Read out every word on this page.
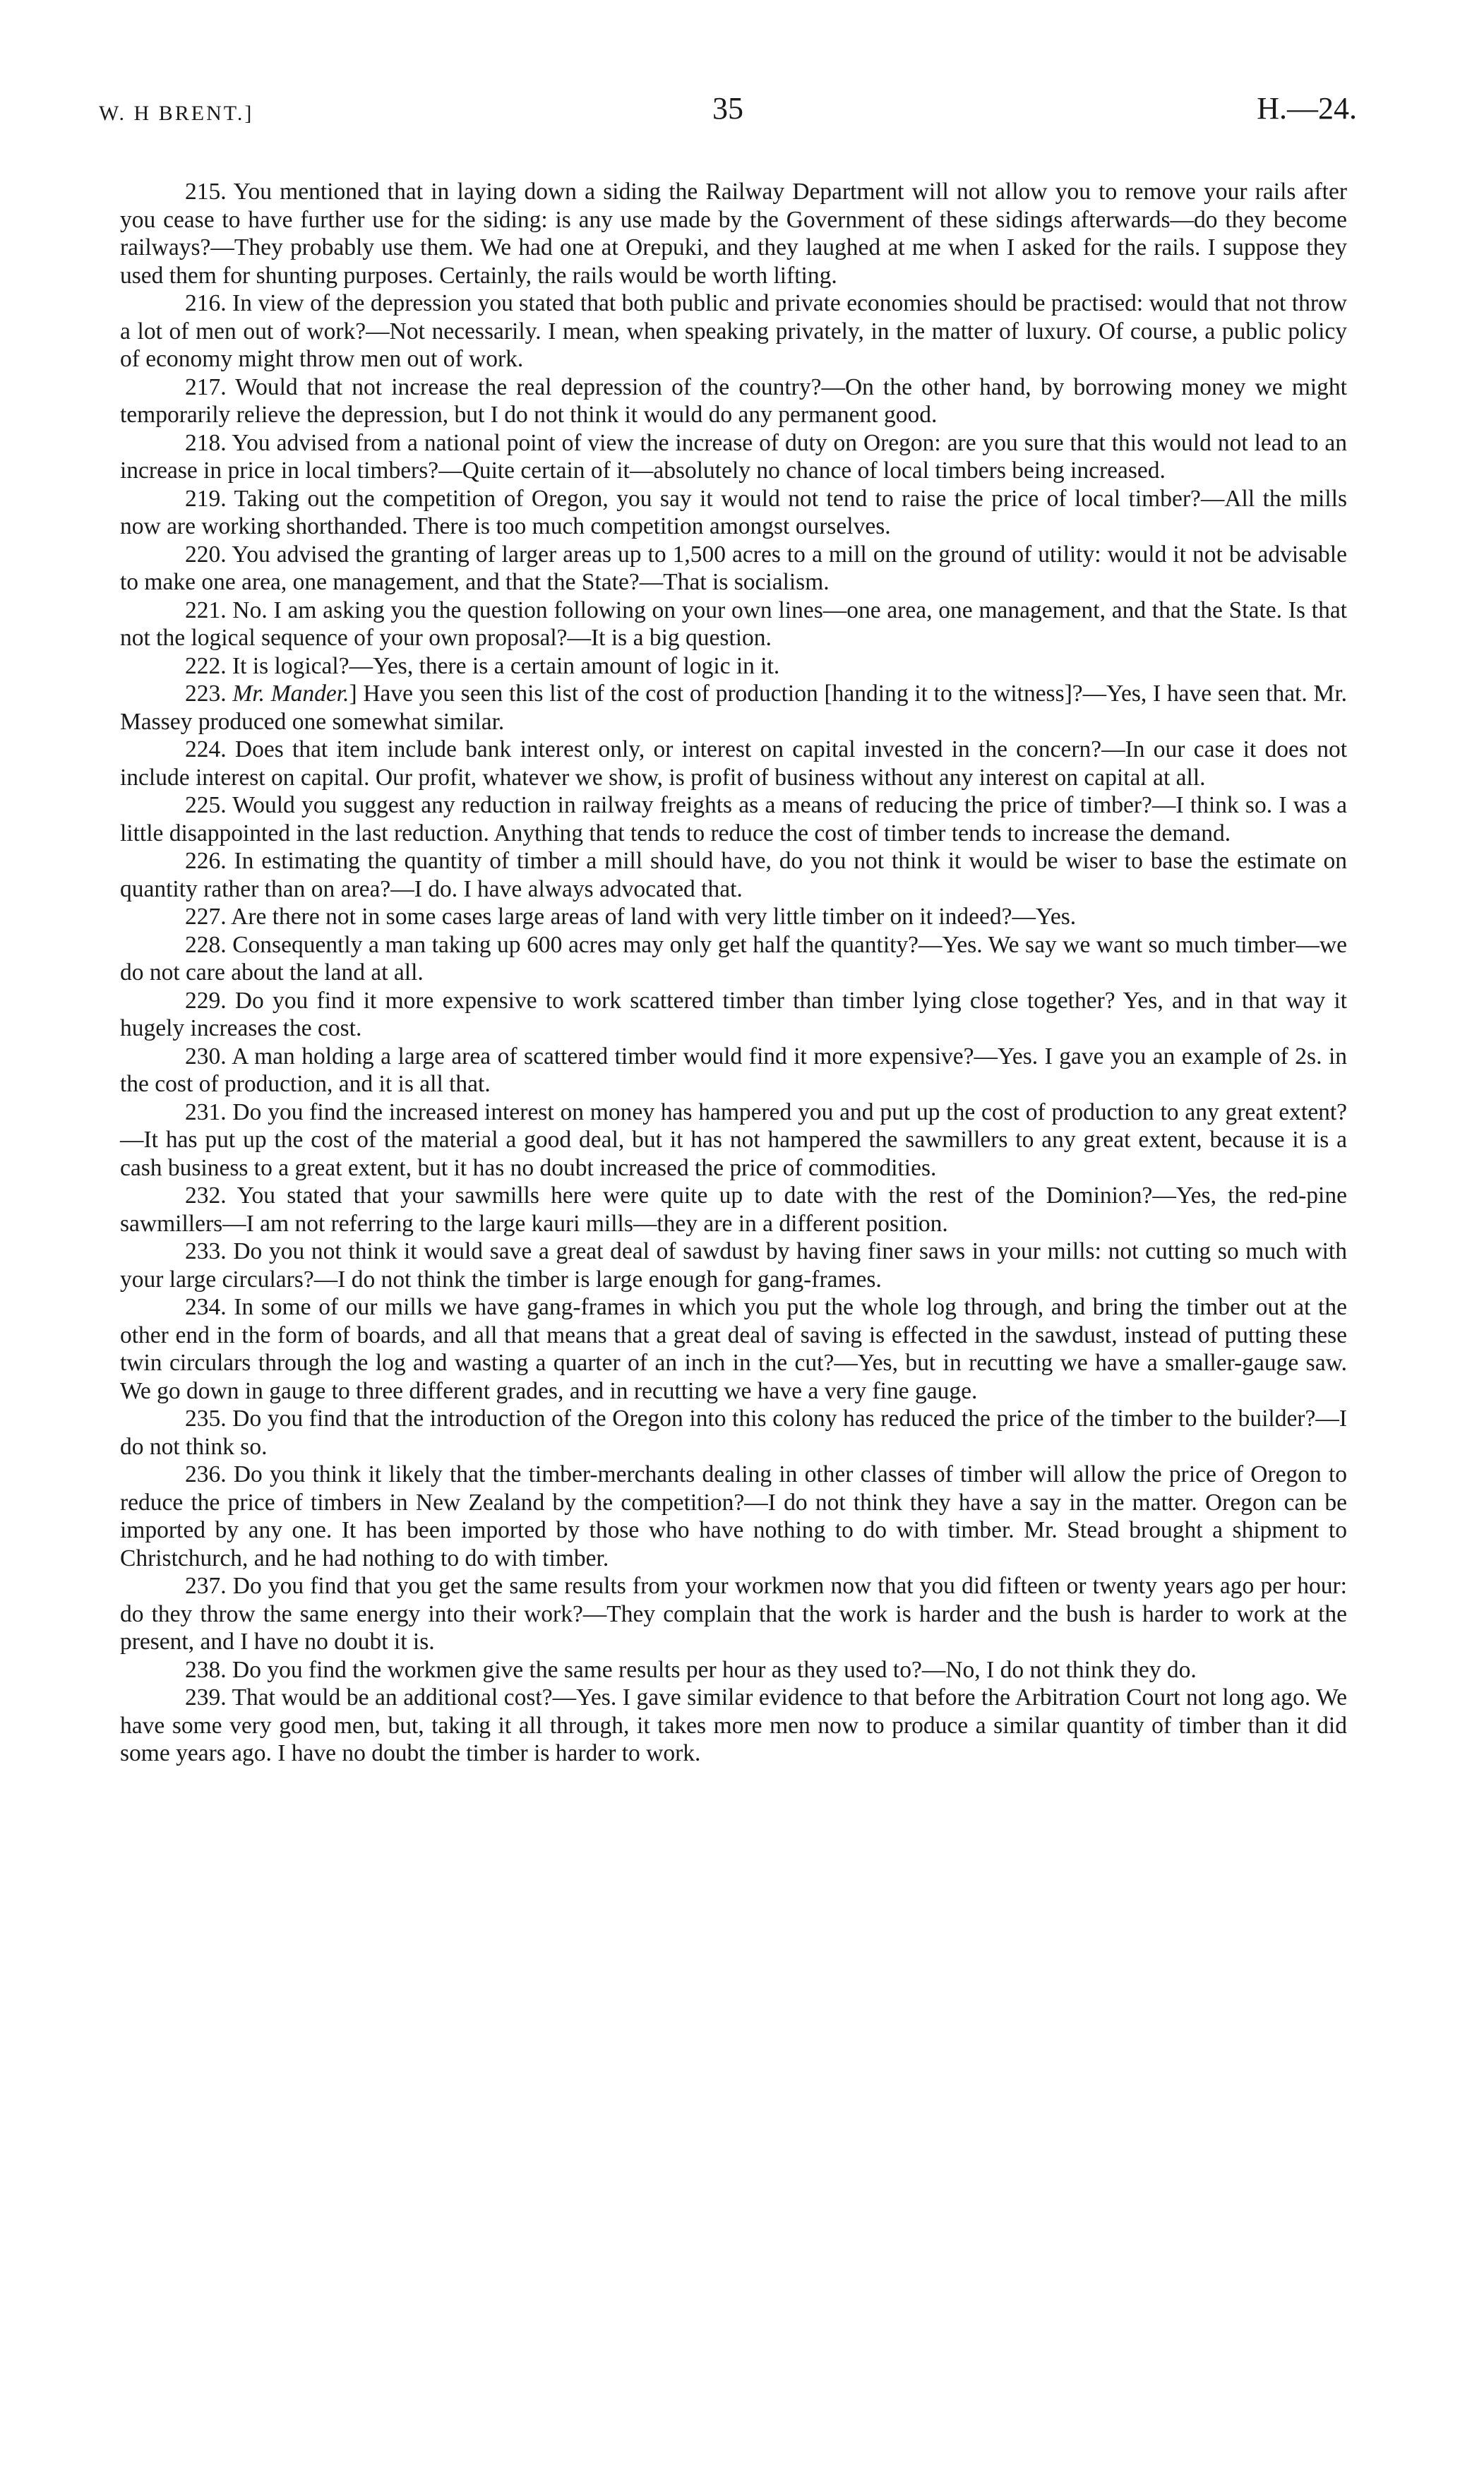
W. H BRENT.]	35	H.—24.

215. You mentioned that in laying down a siding the Railway Department will not allow you to remove your rails after you cease to have further use for the siding: is any use made by the Government of these sidings afterwards—do they become railways?—They probably use them. We had one at Orepuki, and they laughed at me when I asked for the rails. I suppose they used them for shunting purposes. Certainly, the rails would be worth lifting.

216. In view of the depression you stated that both public and private economies should be practised: would that not throw a lot of men out of work?—Not necessarily. I mean, when speaking privately, in the matter of luxury. Of course, a public policy of economy might throw men out of work.

217. Would that not increase the real depression of the country?—On the other hand, by borrowing money we might temporarily relieve the depression, but I do not think it would do any permanent good.

218. You advised from a national point of view the increase of duty on Oregon: are you sure that this would not lead to an increase in price in local timbers?—Quite certain of it—absolutely no chance of local timbers being increased.

219. Taking out the competition of Oregon, you say it would not tend to raise the price of local timber?—All the mills now are working shorthanded. There is too much competition amongst ourselves.

220. You advised the granting of larger areas up to 1,500 acres to a mill on the ground of utility: would it not be advisable to make one area, one management, and that the State?—That is socialism.

221. No. I am asking you the question following on your own lines—one area, one management, and that the State. Is that not the logical sequence of your own proposal?—It is a big question.

222. It is logical?—Yes, there is a certain amount of logic in it.

223. Mr. Mander.] Have you seen this list of the cost of production [handing it to the witness]?—Yes, I have seen that. Mr. Massey produced one somewhat similar.

224. Does that item include bank interest only, or interest on capital invested in the concern?—In our case it does not include interest on capital. Our profit, whatever we show, is profit of business without any interest on capital at all.

225. Would you suggest any reduction in railway freights as a means of reducing the price of timber?—I think so. I was a little disappointed in the last reduction. Anything that tends to reduce the cost of timber tends to increase the demand.

226. In estimating the quantity of timber a mill should have, do you not think it would be wiser to base the estimate on quantity rather than on area?—I do. I have always advocated that.

227. Are there not in some cases large areas of land with very little timber on it indeed?—Yes.

228. Consequently a man taking up 600 acres may only get half the quantity?—Yes. We say we want so much timber—we do not care about the land at all.

229. Do you find it more expensive to work scattered timber than timber lying close together? Yes, and in that way it hugely increases the cost.

230. A man holding a large area of scattered timber would find it more expensive?—Yes. I gave you an example of 2s. in the cost of production, and it is all that.

231. Do you find the increased interest on money has hampered you and put up the cost of production to any great extent?—It has put up the cost of the material a good deal, but it has not hampered the sawmillers to any great extent, because it is a cash business to a great extent, but it has no doubt increased the price of commodities.

232. You stated that your sawmills here were quite up to date with the rest of the Dominion?—Yes, the red-pine sawmillers—I am not referring to the large kauri mills—they are in a different position.

233. Do you not think it would save a great deal of sawdust by having finer saws in your mills: not cutting so much with your large circulars?—I do not think the timber is large enough for gang-frames.

234. In some of our mills we have gang-frames in which you put the whole log through, and bring the timber out at the other end in the form of boards, and all that means that a great deal of saving is effected in the sawdust, instead of putting these twin circulars through the log and wasting a quarter of an inch in the cut?—Yes, but in recutting we have a smaller-gauge saw. We go down in gauge to three different grades, and in recutting we have a very fine gauge.

235. Do you find that the introduction of the Oregon into this colony has reduced the price of the timber to the builder?—I do not think so.

236. Do you think it likely that the timber-merchants dealing in other classes of timber will allow the price of Oregon to reduce the price of timbers in New Zealand by the competition?—I do not think they have a say in the matter. Oregon can be imported by any one. It has been imported by those who have nothing to do with timber. Mr. Stead brought a shipment to Christchurch, and he had nothing to do with timber.

237. Do you find that you get the same results from your workmen now that you did fifteen or twenty years ago per hour: do they throw the same energy into their work?—They complain that the work is harder and the bush is harder to work at the present, and I have no doubt it is.

238. Do you find the workmen give the same results per hour as they used to?—No, I do not think they do.

239. That would be an additional cost?—Yes. I gave similar evidence to that before the Arbitration Court not long ago. We have some very good men, but, taking it all through, it takes more men now to produce a similar quantity of timber than it did some years ago. I have no doubt the timber is harder to work.
